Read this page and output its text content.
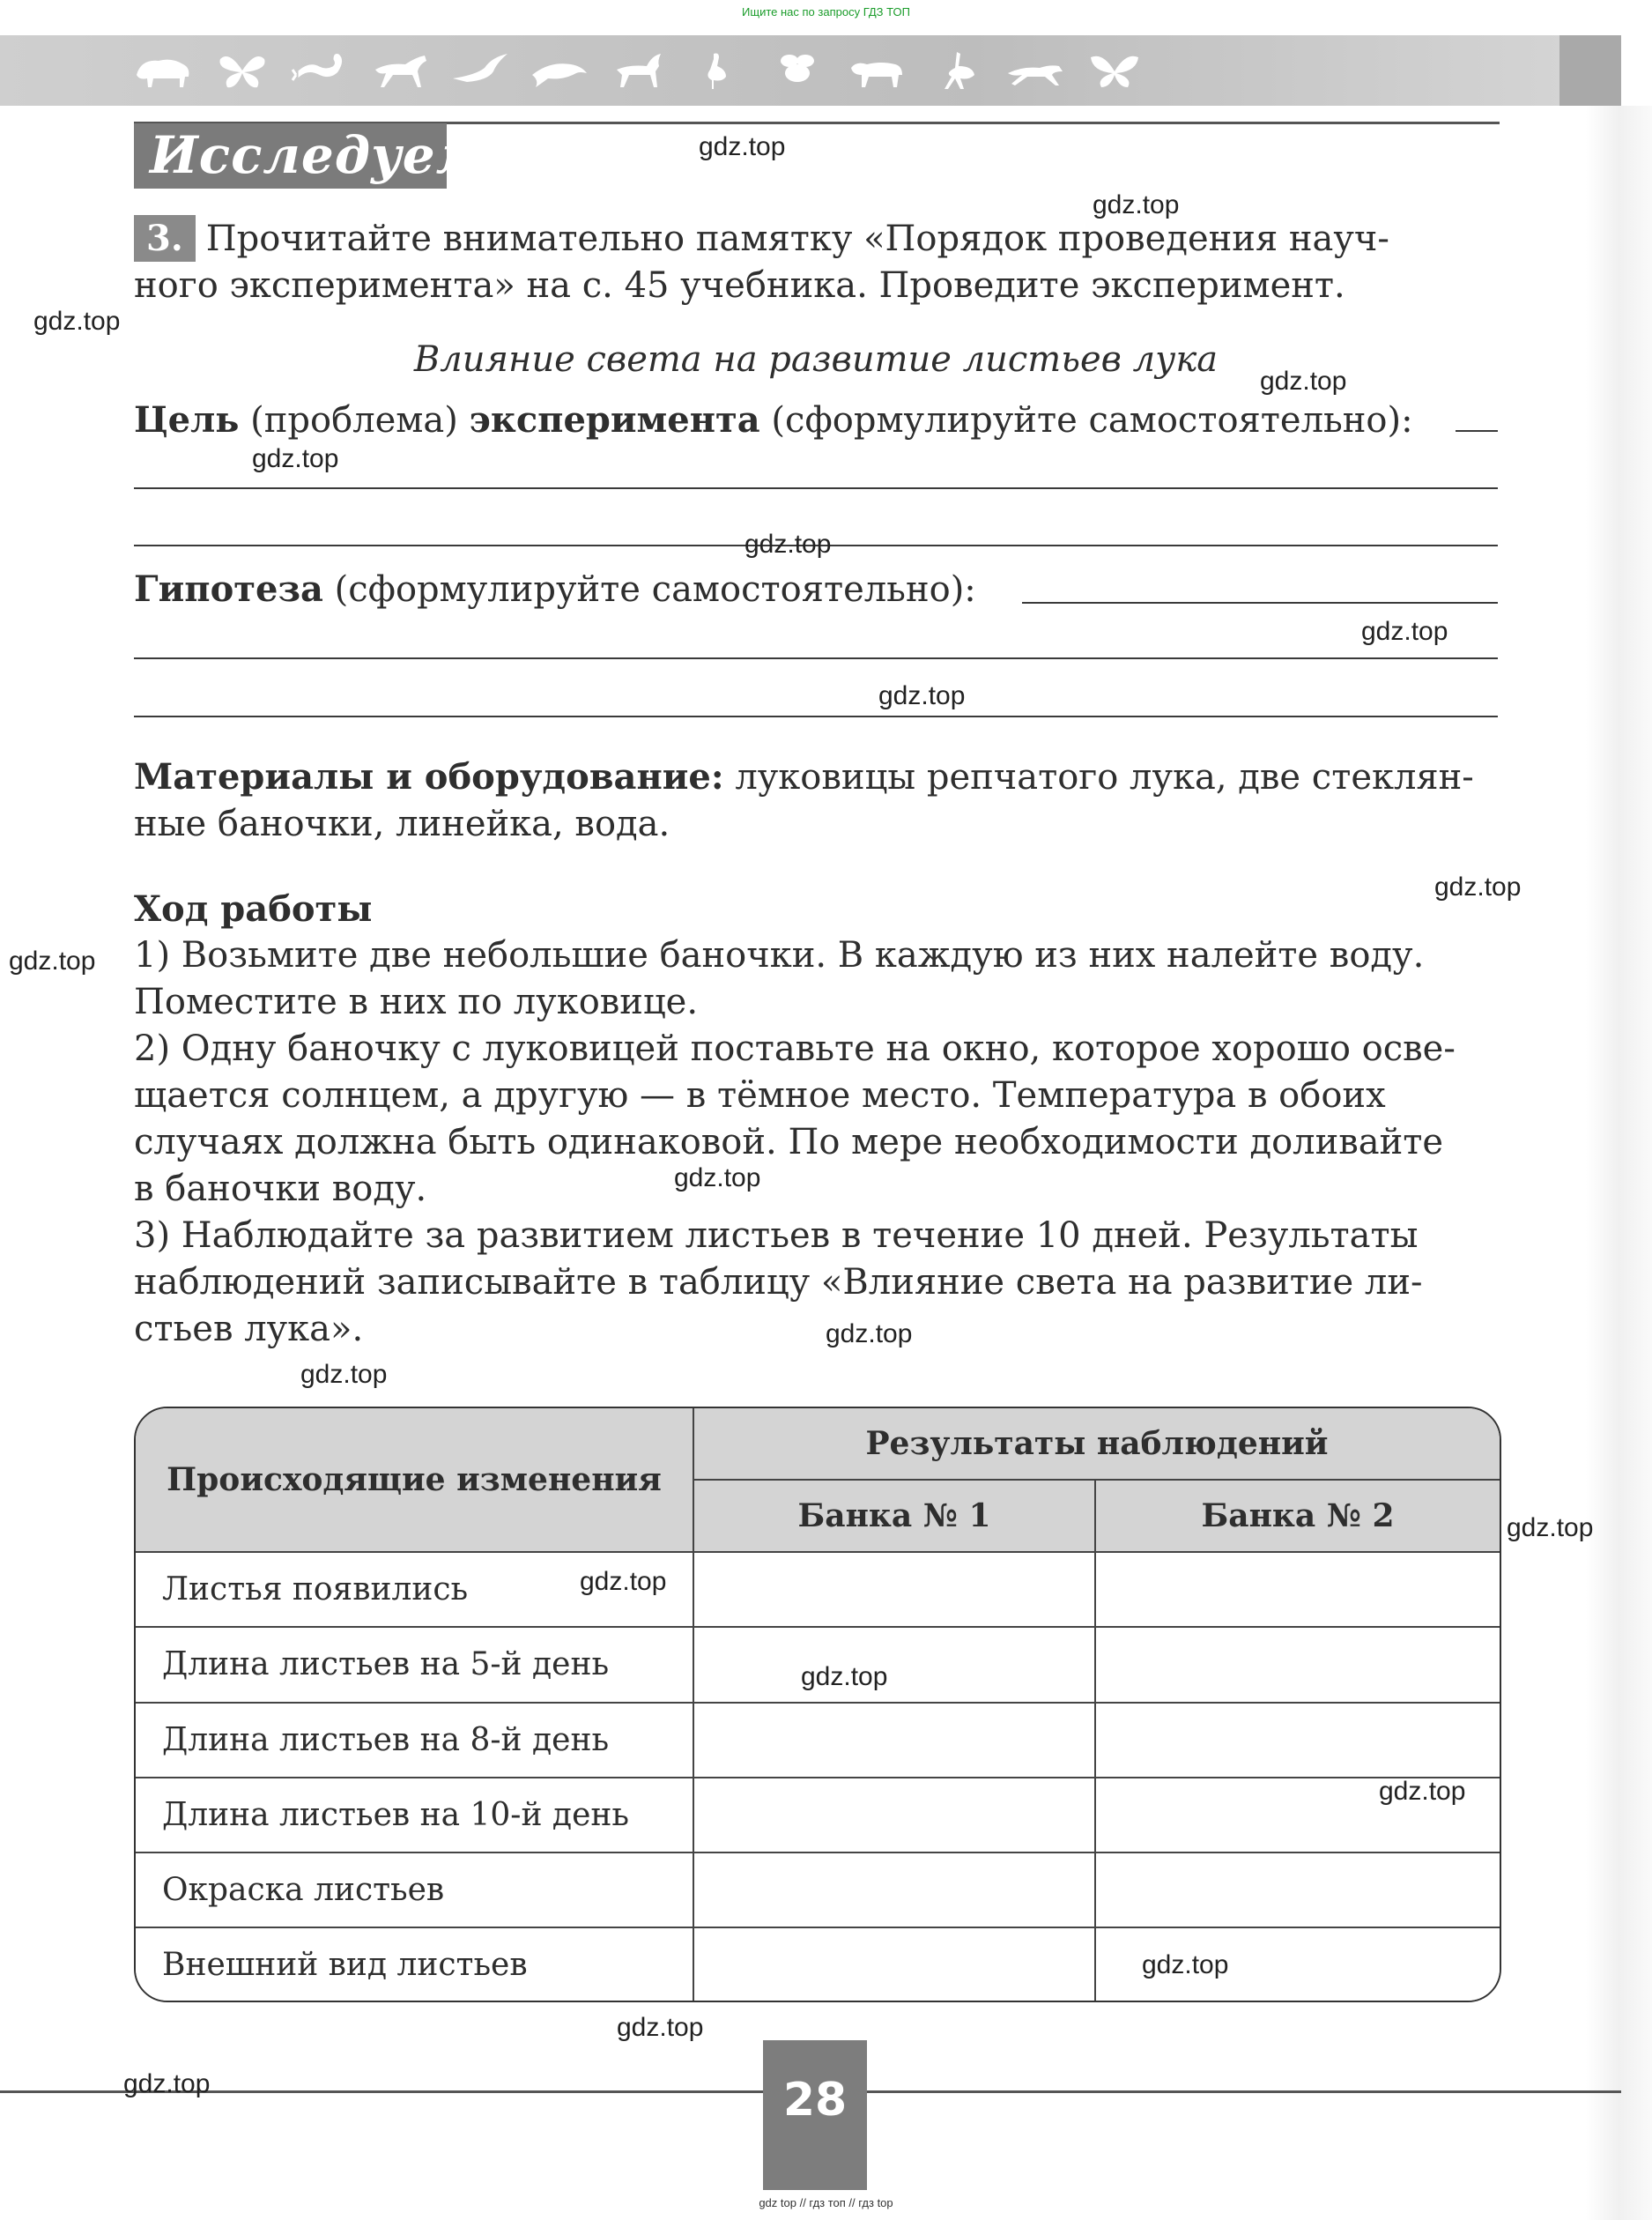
Ищите нас по запросу ГДЗ ТОП
Исследуем
3. Прочитайте внимательно памятку «Порядок проведения науч-
ного эксперимента» на с. 45 учебника. Проведите эксперимент.
Влияние света на развитие листьев лука
Цель (проблема) эксперимента (сформулируйте самостоятельно):
Гипотеза (сформулируйте самостоятельно):
Материалы и оборудование: луковицы репчатого лука, две стеклян-
ные баночки, линейка, вода.
Ход работы
1) Возьмите две небольшие баночки. В каждую из них налейте воду.
Поместите в них по луковице.
2) Одну баночку с луковицей поставьте на окно, которое хорошо осве-
щается солнцем, а другую — в тёмное место. Температура в обоих
случаях должна быть одинаковой. По мере необходимости доливайте
в баночки воду.
3) Наблюдайте за развитием листьев в течение 10 дней. Результаты
наблюдений записывайте в таблицу «Влияние света на развитие ли-
стьев лука».
Происходящие изменения	Результаты наблюдений	
	Банка № 1	Банка № 2
Листья появились		
Длина листьев на 5-й день		
Длина листьев на 8-й день		
Длина листьев на 10-й день		
Окраска листьев		
Внешний вид листьев		
28
gdz.top
gdz.top
gdz.top
gdz.top
gdz.top
gdz.top
gdz.top
gdz.top
gdz.top
gdz.top
gdz.top
gdz.top
gdz.top
gdz.top
gdz.top
gdz.top
gdz.top
gdz.top
gdz.top
gdz.top
gdz top // гдз топ // гдз top
